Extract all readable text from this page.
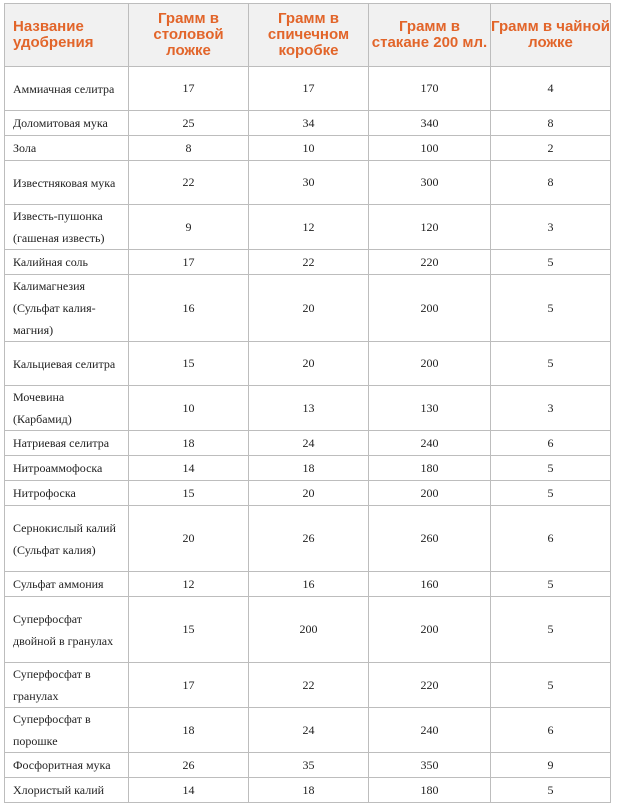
Название удобрения	Грамм в столовой ложке	Грамм в спичечном коробке	Грамм в стакане 200 мл.	Грамм в чайной ложке
Аммиачная селитра	17	17	170	4
Доломитовая мука	25	34	340	8
Зола	8	10	100	2
Известняковая мука	22	30	300	8
Известь-пушонка (гашеная известь)	9	12	120	3
Калийная соль	17	22	220	5
Калимагнезия (Сульфат калия-магния)	16	20	200	5
Кальциевая селитра	15	20	200	5
Мочевина (Карбамид)	10	13	130	3
Натриевая селитра	18	24	240	6
Нитроаммофоска	14	18	180	5
Нитрофоска	15	20	200	5
Сернокислый калий (Сульфат калия)	20	26	260	6
Сульфат аммония	12	16	160	5
Суперфосфат двойной в гранулах	15	200	200	5
Суперфосфат в гранулах	17	22	220	5
Суперфосфат в порошке	18	24	240	6
Фосфоритная мука	26	35	350	9
Хлористый калий	14	18	180	5
